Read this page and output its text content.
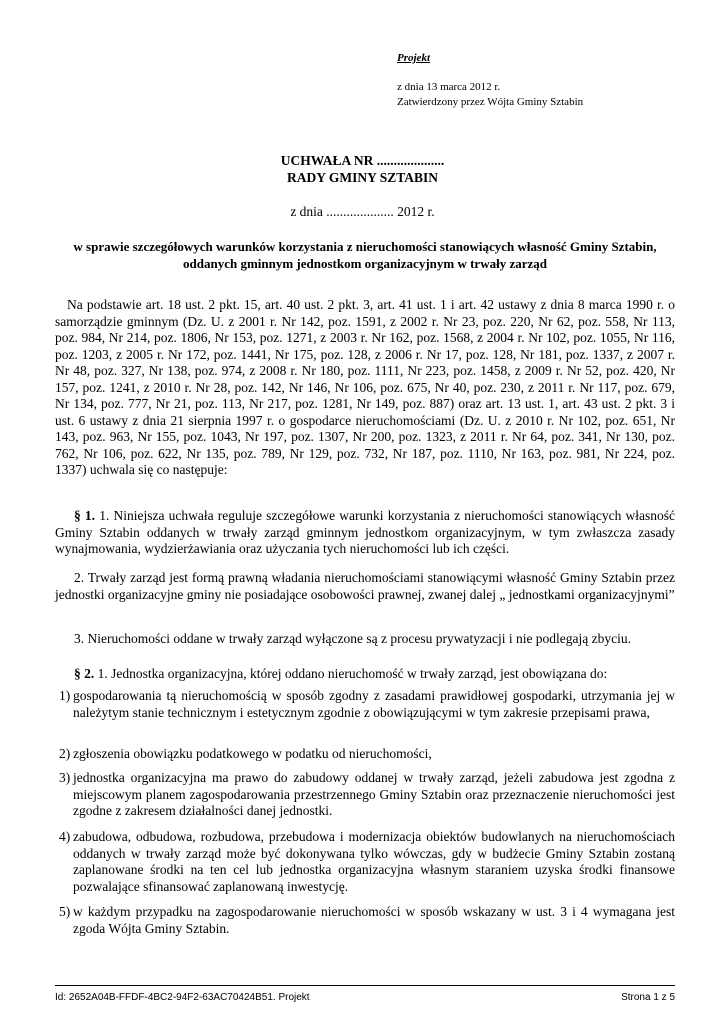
Projekt
z dnia 13 marca 2012 r.
Zatwierdzony przez Wójta Gminy Sztabin
UCHWAŁA NR ....................
RADY GMINY SZTABIN
z dnia .................... 2012 r.
w sprawie szczegółowych warunków korzystania z nieruchomości stanowiących własność Gminy Sztabin, oddanych gminnym jednostkom organizacyjnym w trwały zarząd

Na podstawie art. 18 ust. 2 pkt. 15, art. 40 ust. 2 pkt. 3, art. 41 ust. 1 i art. 42 ustawy z dnia 8 marca 1990 r. o samorządzie gminnym (Dz. U. z 2001 r. Nr 142, poz. 1591, z 2002 r. Nr 23, poz. 220, Nr 62, poz. 558, Nr 113, poz. 984, Nr 214, poz. 1806, Nr 153, poz. 1271, z 2003 r. Nr 162, poz. 1568, z 2004 r. Nr 102, poz. 1055, Nr 116, poz. 1203, z 2005 r. Nr 172, poz. 1441, Nr 175, poz. 128, z 2006 r. Nr 17, poz. 128, Nr 181, poz. 1337, z 2007 r. Nr 48, poz. 327, Nr 138, poz. 974, z 2008 r. Nr 180, poz. 1111, Nr 223, poz. 1458, z 2009 r. Nr 52, poz. 420, Nr 157, poz. 1241, z 2010 r. Nr 28, poz. 142, Nr 146, Nr 106, poz. 675, Nr 40, poz. 230, z 2011 r. Nr 117, poz. 679, Nr 134, poz. 777, Nr 21, poz. 113, Nr 217, poz. 1281, Nr 149, poz. 887) oraz art. 13 ust. 1, art. 43 ust. 2 pkt. 3 i ust. 6 ustawy z dnia 21 sierpnia 1997 r. o gospodarce nieruchomościami (Dz. U. z 2010 r. Nr 102, poz. 651, Nr 143, poz. 963, Nr 155, poz. 1043, Nr 197, poz. 1307, Nr 200, poz. 1323, z 2011 r. Nr 64, poz. 341, Nr 130, poz. 762, Nr 106, poz. 622, Nr 135, poz. 789, Nr 129, poz. 732, Nr 187, poz. 1110, Nr 163, poz. 981, Nr 224, poz. 1337) uchwala się co następuje:

§ 1. 1. Niniejsza uchwała reguluje szczegółowe warunki korzystania z nieruchomości stanowiących własność Gminy Sztabin oddanych w trwały zarząd gminnym jednostkom organizacyjnym, w tym zwłaszcza zasady wynajmowania, wydzierżawiania oraz użyczania tych nieruchomości lub ich części.

2. Trwały zarząd jest formą prawną władania nieruchomościami stanowiącymi własność Gminy Sztabin przez jednostki organizacyjne gminy nie posiadające osobowości prawnej, zwanej dalej „ jednostkami organizacyjnymi”

3. Nieruchomości oddane w trwały zarząd wyłączone są z procesu prywatyzacji i nie podlegają zbyciu.

§ 2. 1. Jednostka organizacyjna, której oddano nieruchomość w trwały zarząd, jest obowiązana do:

1) gospodarowania tą nieruchomością w sposób zgodny z zasadami prawidłowej gospodarki, utrzymania jej w należytym stanie technicznym i estetycznym zgodnie z obowiązującymi w tym zakresie przepisami prawa,
2) zgłoszenia obowiązku podatkowego w podatku od nieruchomości,
3) jednostka organizacyjna ma prawo do zabudowy oddanej w trwały zarząd, jeżeli zabudowa jest zgodna z miejscowym planem zagospodarowania przestrzennego Gminy Sztabin oraz przeznaczenie nieruchomości jest zgodne z zakresem działalności danej jednostki.
4) zabudowa, odbudowa, rozbudowa, przebudowa i modernizacja obiektów budowlanych na nieruchomościach oddanych w trwały zarząd może być dokonywana tylko wówczas, gdy w budżecie Gminy Sztabin zostaną zaplanowane środki na ten cel lub jednostka organizacyjna własnym staraniem uzyska środki finansowe pozwalające sfinansować zaplanowaną inwestycję.
5) w każdym przypadku na zagospodarowanie nieruchomości w sposób wskazany w ust. 3 i 4 wymagana jest zgoda Wójta Gminy Sztabin.
Id: 2652A04B-FFDF-4BC2-94F2-63AC70424B51. Projekt	Strona 1 z 5
